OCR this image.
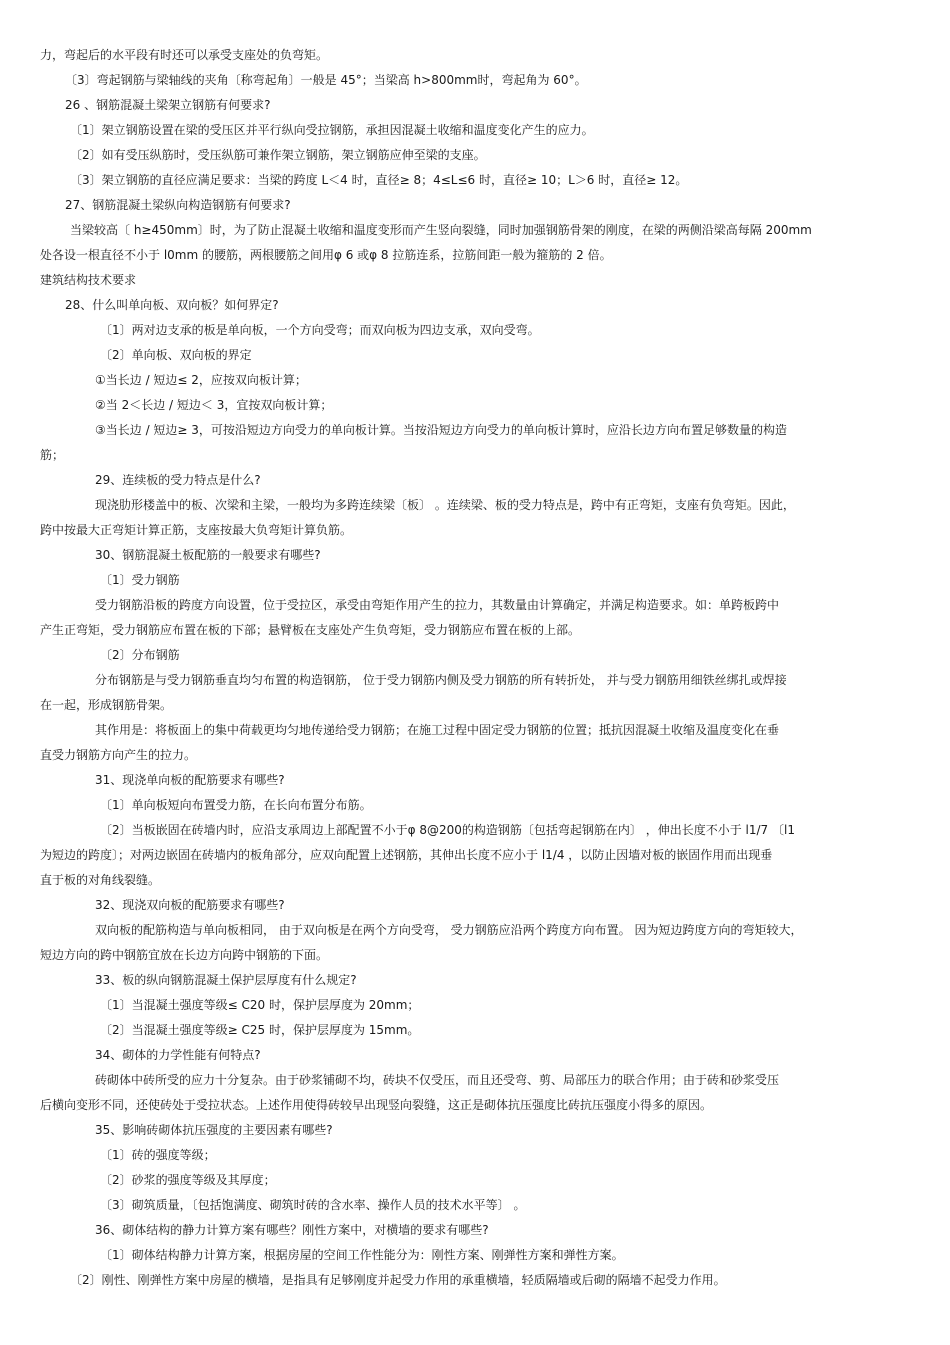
力，弯起后的水平段有时还可以承受支座处的负弯矩。
〔3〕弯起钢筋与梁轴线的夹角〔称弯起角〕一般是 45°；当梁高 h>800mm时，弯起角为 60°。
26 、钢筋混凝土梁架立钢筋有何要求?
〔1〕架立钢筋设置在梁的受压区并平行纵向受拉钢筋，承担因混凝土收缩和温度变化产生的应力。
〔2〕如有受压纵筋时，受压纵筋可兼作架立钢筋，架立钢筋应伸至梁的支座。
〔3〕架立钢筋的直径应满足要求：当梁的跨度 L＜4 时，直径≥ 8；4≤L≤6 时，直径≥ 10；L＞6 时，直径≥ 12。
27、钢筋混凝土梁纵向构造钢筋有何要求?
当梁较高〔 h≥450mm〕时，为了防止混凝土收缩和温度变形而产生竖向裂缝，同时加强钢筋骨架的刚度，在梁的两侧沿梁高每隔 200mm
处各设一根直径不小于 l0mm 的腰筋，两根腰筋之间用φ 6 或φ 8 拉筋连系，拉筋间距一般为箍筋的 2 倍。
建筑结构技术要求
28、什么叫单向板、双向板？如何界定?
〔1〕两对边支承的板是单向板，一个方向受弯；而双向板为四边支承，双向受弯。
〔2〕单向板、双向板的界定
①当长边 / 短边≤ 2，应按双向板计算；
②当 2＜长边 / 短边＜ 3，宜按双向板计算；
③当长边 / 短边≥ 3，可按沿短边方向受力的单向板计算。当按沿短边方向受力的单向板计算时，应沿长边方向布置足够数量的构造
筋；
29、连续板的受力特点是什么?
现浇肋形楼盖中的板、次梁和主梁，一般均为多跨连续梁〔板〕 。连续梁、板的受力特点是，跨中有正弯矩，支座有负弯矩。因此，
跨中按最大正弯矩计算正筋，支座按最大负弯矩计算负筋。
30、钢筋混凝土板配筋的一般要求有哪些?
〔1〕受力钢筋
受力钢筋沿板的跨度方向设置，位于受拉区，承受由弯矩作用产生的拉力，其数量由计算确定，并满足构造要求。如：单跨板跨中
产生正弯矩，受力钢筋应布置在板的下部；悬臂板在支座处产生负弯矩，受力钢筋应布置在板的上部。
〔2〕分布钢筋
分布钢筋是与受力钢筋垂直均匀布置的构造钢筋， 位于受力钢筋内侧及受力钢筋的所有转折处， 并与受力钢筋用细铁丝绑扎或焊接
在一起，形成钢筋骨架。
其作用是：将板面上的集中荷载更均匀地传递给受力钢筋；在施工过程中固定受力钢筋的位置；抵抗因混凝土收缩及温度变化在垂
直受力钢筋方向产生的拉力。
31、现浇单向板的配筋要求有哪些?
〔1〕单向板短向布置受力筋，在长向布置分布筋。
〔2〕当板嵌固在砖墙内时，应沿支承周边上部配置不小于φ 8@200的构造钢筋〔包括弯起钢筋在内〕 ，伸出长度不小于 l1/7 〔l1
为短边的跨度〕；对两边嵌固在砖墙内的板角部分，应双向配置上述钢筋，其伸出长度不应小于 l1/4 ，以防止因墙对板的嵌固作用而出现垂
直于板的对角线裂缝。
32、现浇双向板的配筋要求有哪些?
双向板的配筋构造与单向板相同， 由于双向板是在两个方向受弯， 受力钢筋应沿两个跨度方向布置。 因为短边跨度方向的弯矩较大，
短边方向的跨中钢筋宜放在长边方向跨中钢筋的下面。
33、板的纵向钢筋混凝土保护层厚度有什么规定?
〔1〕当混凝土强度等级≤ C20 时，保护层厚度为 20mm；
〔2〕当混凝土强度等级≥ C25 时，保护层厚度为 15mm。
34、砌体的力学性能有何特点?
砖砌体中砖所受的应力十分复杂。由于砂浆铺砌不均，砖块不仅受压，而且还受弯、剪、局部压力的联合作用；由于砖和砂浆受压
后横向变形不同，还使砖处于受拉状态。上述作用使得砖较早出现竖向裂缝，这正是砌体抗压强度比砖抗压强度小得多的原因。
35、影响砖砌体抗压强度的主要因素有哪些?
〔1〕砖的强度等级；
〔2〕砂浆的强度等级及其厚度；
〔3〕砌筑质量，〔包括饱满度、砌筑时砖的含水率、操作人员的技术水平等〕 。
36、砌体结构的静力计算方案有哪些？刚性方案中，对横墙的要求有哪些?
〔1〕砌体结构静力计算方案，根据房屋的空间工作性能分为：刚性方案、刚弹性方案和弹性方案。
〔2〕刚性、刚弹性方案中房屋的横墙，是指具有足够刚度并起受力作用的承重横墙，轻质隔墙或后砌的隔墙不起受力作用。
